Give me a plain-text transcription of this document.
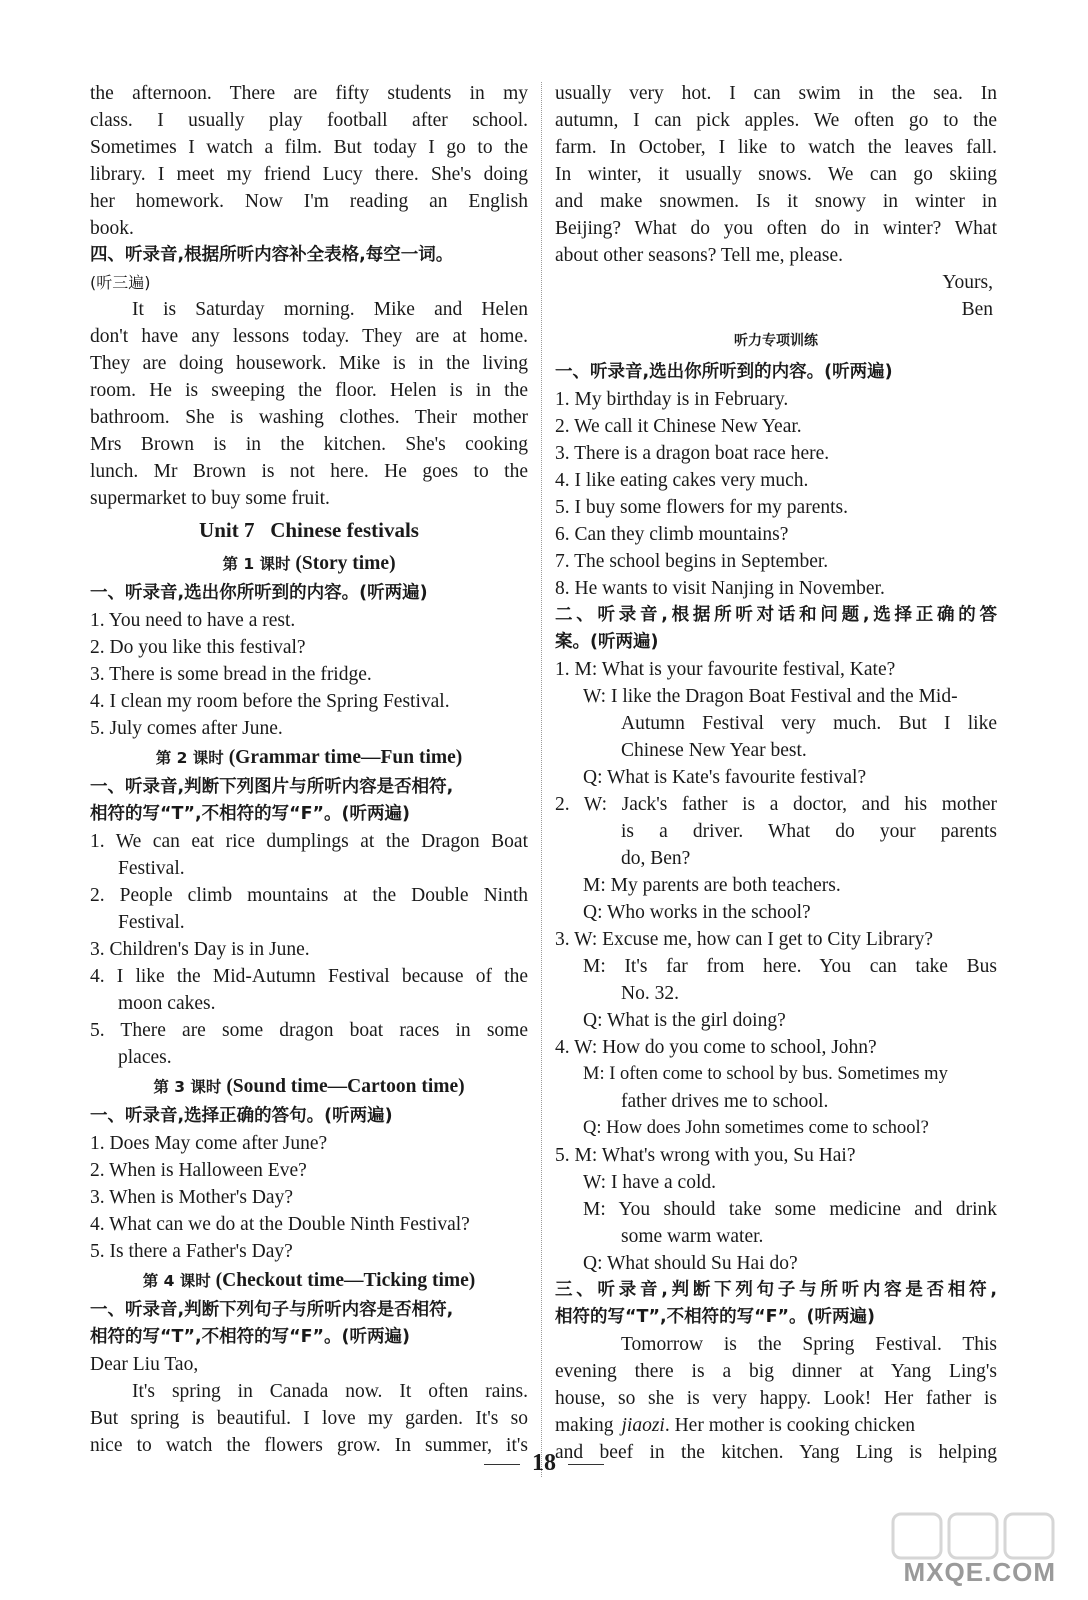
the afternoon. There are fifty students in my

class. I usually play football after school.

Sometimes I watch a film. But today I go to the

library. I meet my friend Lucy there. She's doing

her homework. Now I'm reading an English

book.

四、听录音,根据所听内容补全表格,每空一词。

(听三遍)

It is Saturday morning. Mike and Helen

don't have any lessons today. They are at home.

They are doing housework. Mike is in the living

room. He is sweeping the floor. Helen is in the

bathroom. She is washing clothes. Their mother

Mrs Brown is in the kitchen. She's cooking

lunch. Mr Brown is not here. He goes to the

supermarket to buy some fruit.

Unit 7   Chinese festivals

第 1 课时 (Story time)

一、听录音,选出你所听到的内容。(听两遍)

1. You need to have a rest.

2. Do you like this festival?

3. There is some bread in the fridge.

4. I clean my room before the Spring Festival.

5. July comes after June.

第 2 课时 (Grammar time—Fun time)

一、听录音,判断下列图片与所听内容是否相符,

相符的写“T”,不相符的写“F”。(听两遍)

1. We can eat rice dumplings at the Dragon Boat

Festival.

2. People climb mountains at the Double Ninth

Festival.

3. Children's Day is in June.

4. I like the Mid-Autumn Festival because of the

moon cakes.

5. There are some dragon boat races in some

places.

第 3 课时 (Sound time—Cartoon time)

一、听录音,选择正确的答句。(听两遍)

1. Does May come after June?

2. When is Halloween Eve?

3. When is Mother's Day?

4. What can we do at the Double Ninth Festival?

5. Is there a Father's Day?

第 4 课时 (Checkout time—Ticking time)

一、听录音,判断下列句子与所听内容是否相符,

相符的写“T”,不相符的写“F”。(听两遍)

Dear Liu Tao,

It's spring in Canada now. It often rains.

But spring is beautiful. I love my garden. It's so

nice to watch the flowers grow. In summer, it's

usually very hot. I can swim in the sea. In

autumn, I can pick apples. We often go to the

farm. In October, I like to watch the leaves fall.

In winter, it usually snows. We can go skiing

and make snowmen. Is it snowy in winter in

Beijing? What do you often do in winter? What

about other seasons? Tell me, please.

Yours,

Ben

听力专项训练

一、听录音,选出你所听到的内容。(听两遍)

1. My birthday is in February.

2. We call it Chinese New Year.

3. There is a dragon boat race here.

4. I like eating cakes very much.

5. I buy some flowers for my parents.

6. Can they climb mountains?

7. The school begins in September.

8. He wants to visit Nanjing in November.

二、听录音,根据所听对话和问题,选择正确的答

案。(听两遍)

1. M: What is your favourite festival, Kate?

W: I like the Dragon Boat Festival and the Mid-

Autumn Festival very much. But I like

Chinese New Year best.

Q: What is Kate's favourite festival?

2. W: Jack's father is a doctor, and his mother

is a driver. What do your parents

do, Ben?

M: My parents are both teachers.

Q: Who works in the school?

3. W: Excuse me, how can I get to City Library?

M: It's far from here. You can take Bus

No. 32.

Q: What is the girl doing?

4. W: How do you come to school, John?

M: I often come to school by bus. Sometimes my

father drives me to school.

Q: How does John sometimes come to school?

5. M: What's wrong with you, Su Hai?

W: I have a cold.

M: You should take some medicine and drink

some warm water.

Q: What should Su Hai do?

三、听录音,判断下列句子与所听内容是否相符,

相符的写“T”,不相符的写“F”。(听两遍)

Tomorrow is the Spring Festival. This

evening there is a big dinner at Yang Ling's

house, so she is very happy. Look! Her father is

making jiaozi. Her mother is cooking chicken

and beef in the kitchen. Yang Ling is helping

18
MXQE.COM
